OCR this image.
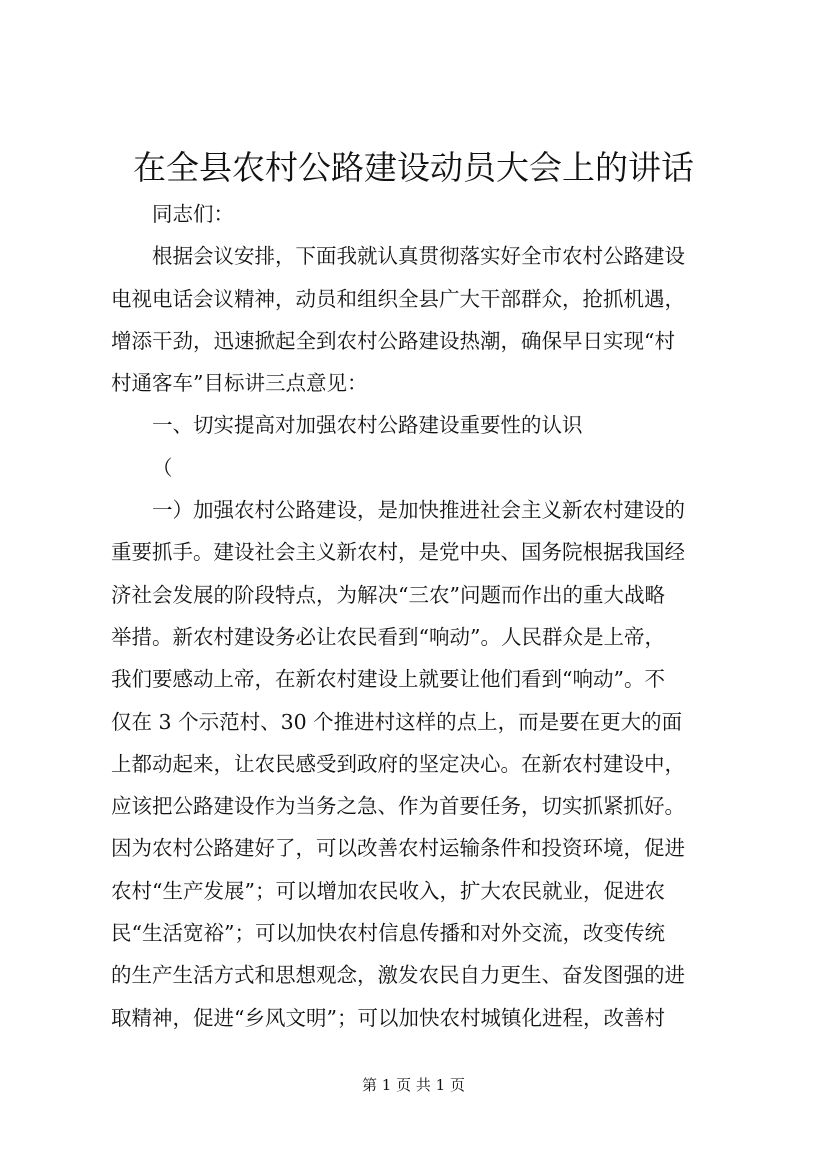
在全县农村公路建设动员大会上的讲话
同志们：
根据会议安排，下面我就认真贯彻落实好全市农村公路建设
电视电话会议精神，动员和组织全县广大干部群众，抢抓机遇，
增添干劲，迅速掀起全到农村公路建设热潮，确保早日实现“村
村通客车”目标讲三点意见：
一、切实提高对加强农村公路建设重要性的认识
（
一）加强农村公路建设，是加快推进社会主义新农村建设的
重要抓手。建设社会主义新农村，是党中央、国务院根据我国经
济社会发展的阶段特点，为解决“三农”问题而作出的重大战略
举措。新农村建设务必让农民看到“响动”。人民群众是上帝，
我们要感动上帝，在新农村建设上就要让他们看到“响动”。不
仅在 3 个示范村、30 个推进村这样的点上，而是要在更大的面
上都动起来，让农民感受到政府的坚定决心。在新农村建设中，
应该把公路建设作为当务之急、作为首要任务，切实抓紧抓好。
因为农村公路建好了，可以改善农村运输条件和投资环境，促进
农村“生产发展”；可以增加农民收入，扩大农民就业，促进农
民“生活宽裕”；可以加快农村信息传播和对外交流，改变传统
的生产生活方式和思想观念，激发农民自力更生、奋发图强的进
取精神，促进“乡风文明”；可以加快农村城镇化进程，改善村
第 1 页 共 1 页
